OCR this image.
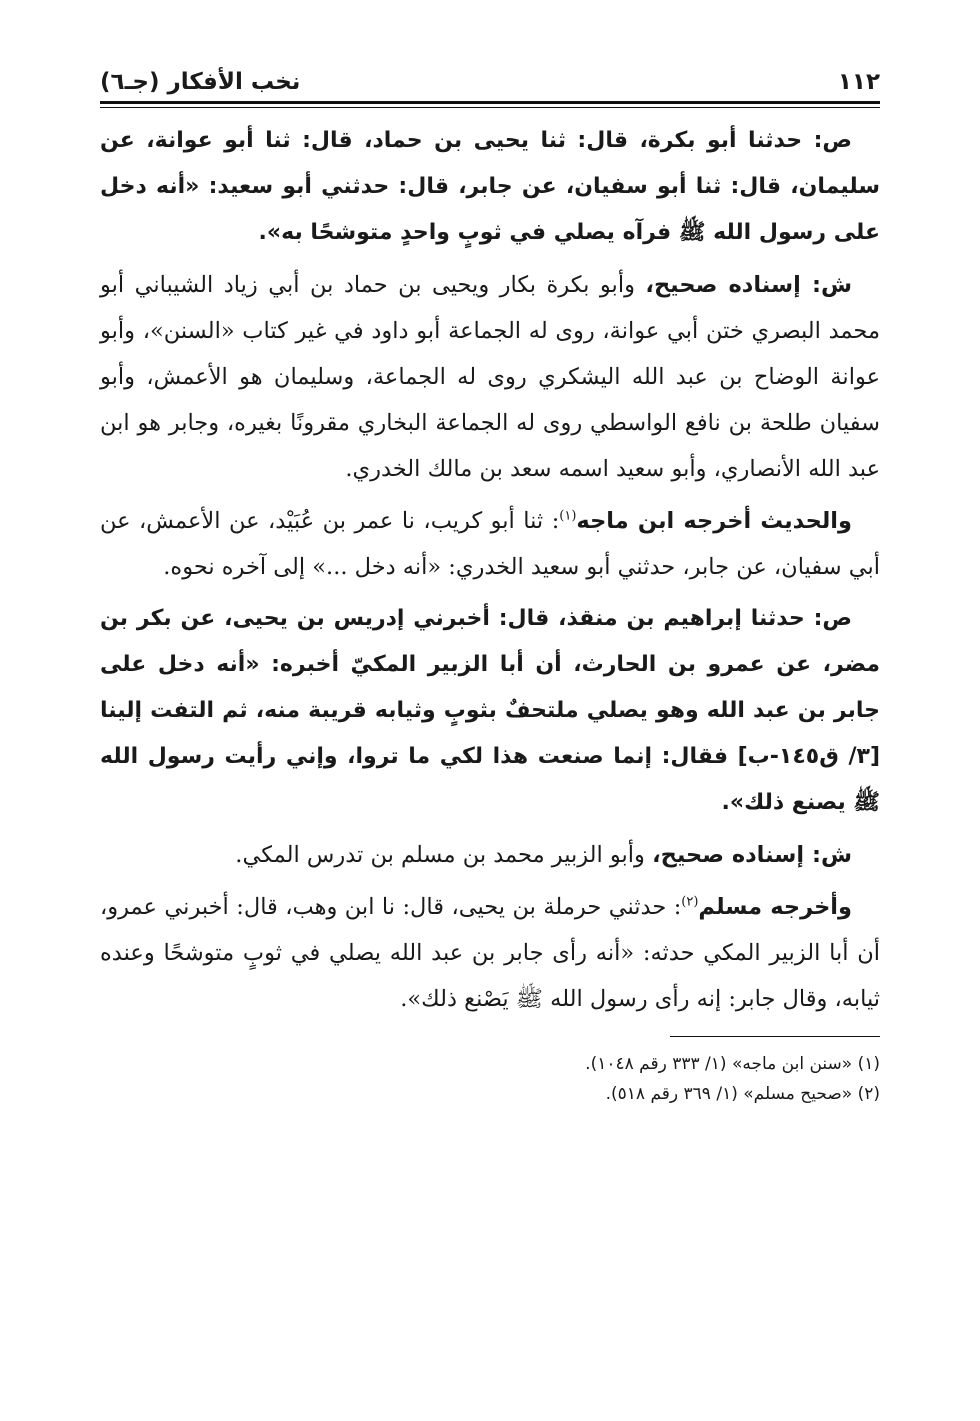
١١٢
نخب الأفكار (جـ٦)

ص: حدثنا أبو بكرة، قال: ثنا يحيى بن حماد، قال: ثنا أبو عوانة، عن سليمان، قال: ثنا أبو سفيان، عن جابر، قال: حدثني أبو سعيد: «أنه دخل على رسول الله ﷺ فرآه يصلي في ثوبٍ واحدٍ متوشحًا به».

ش: إسناده صحيح، وأبو بكرة بكار ويحيى بن حماد بن أبي زياد الشيباني أبو محمد البصري ختن أبي عوانة، روى له الجماعة أبو داود في غير كتاب «السنن»، وأبو عوانة الوضاح بن عبد الله اليشكري روى له الجماعة، وسليمان هو الأعمش، وأبو سفيان طلحة بن نافع الواسطي روى له الجماعة البخاري مقرونًا بغيره، وجابر هو ابن عبد الله الأنصاري، وأبو سعيد اسمه سعد بن مالك الخدري.

والحديث أخرجه ابن ماجه$^{(١)}$: ثنا أبو كريب، نا عمر بن عُبَيْد، عن الأعمش، عن أبي سفيان، عن جابر، حدثني أبو سعيد الخدري: «أنه دخل ...» إلى آخره نحوه.

ص: حدثنا إبراهيم بن منقذ، قال: أخبرني إدريس بن يحيى، عن بكر بن مضر، عن عمرو بن الحارث، أن أبا الزبير المكيّ أخبره: «أنه دخل على جابر بن عبد الله وهو يصلي ملتحفٌ بثوبٍ وثيابه قريبة منه، ثم التفت إلينا [٣/ ق١٤٥-ب] فقال: إنما صنعت هذا لكي ما تروا، وإني رأيت رسول الله ﷺ يصنع ذلك».

ش: إسناده صحيح، وأبو الزبير محمد بن مسلم بن تدرس المكي.

وأخرجه مسلم$^{(٢)}$: حدثني حرملة بن يحيى، قال: نا ابن وهب، قال: أخبرني عمرو، أن أبا الزبير المكي حدثه: «أنه رأى جابر بن عبد الله يصلي في ثوبٍ متوشحًا وعنده ثيابه، وقال جابر: إنه رأى رسول الله ﷺ يَصْنع ذلك».

(١) «سنن ابن ماجه» (١/ ٣٣٣ رقم ١٠٤٨).
(٢) «صحيح مسلم» (١/ ٣٦٩ رقم ٥١٨).
